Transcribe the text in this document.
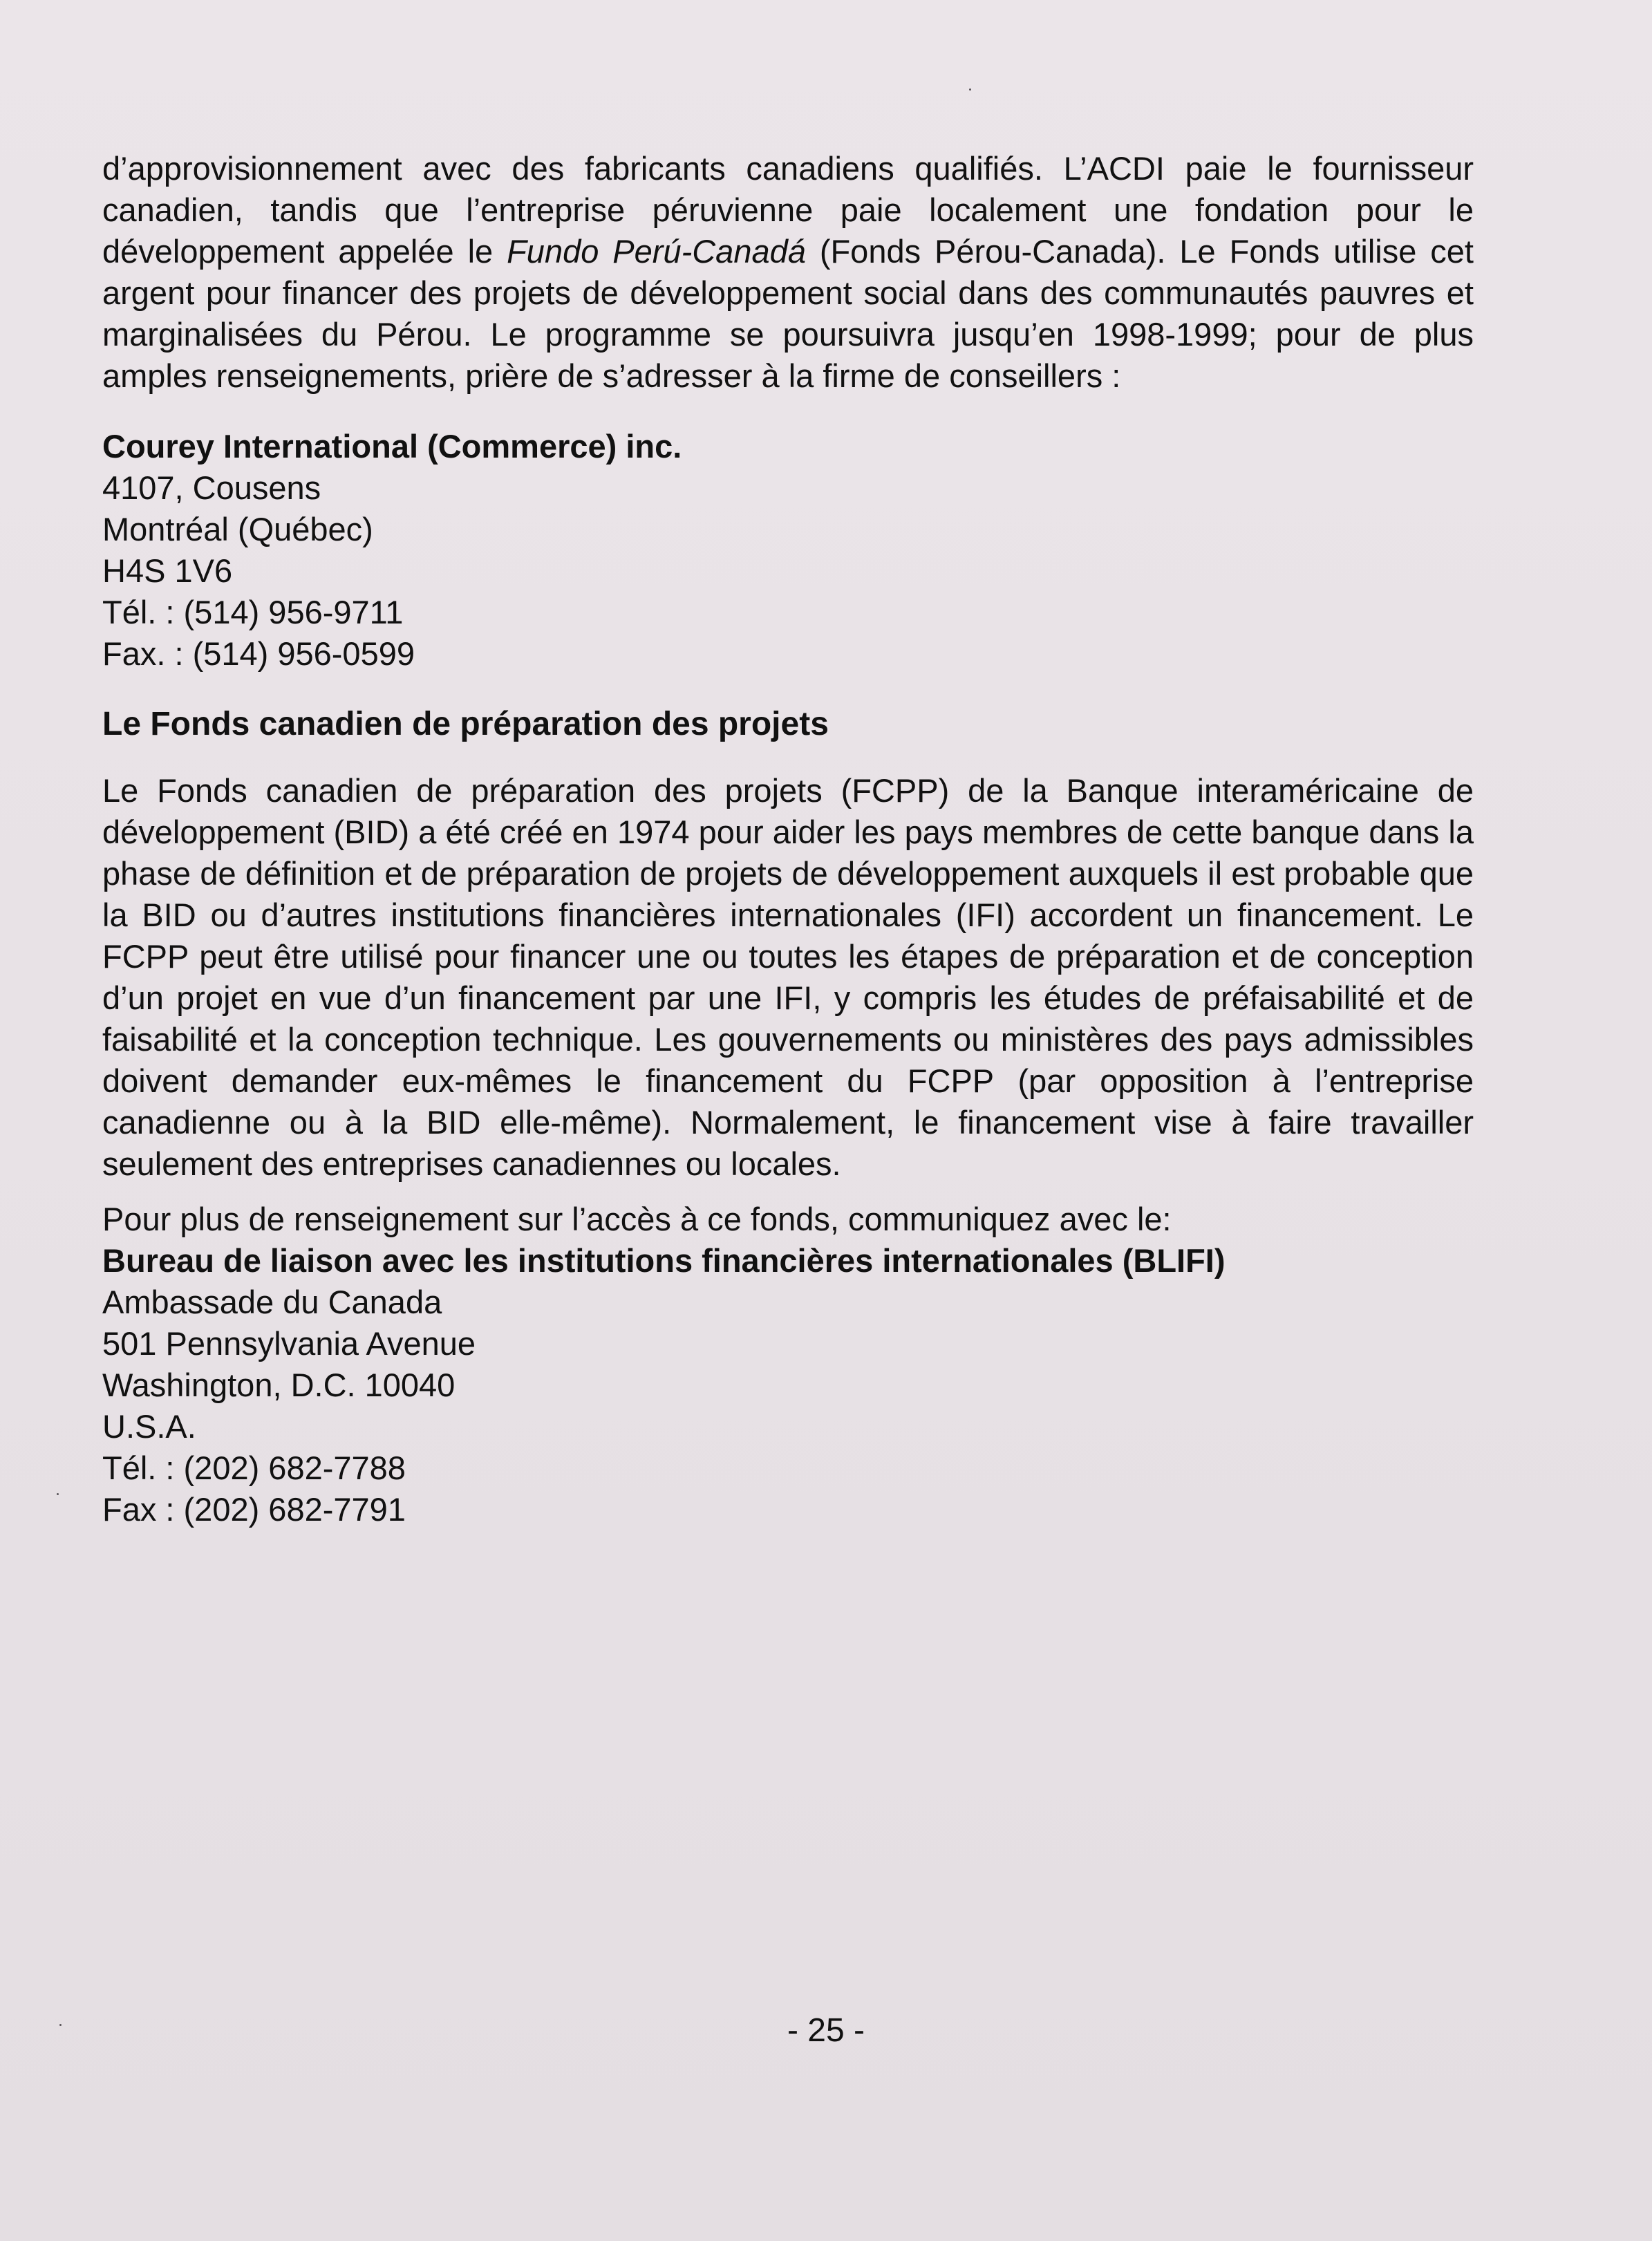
d’approvisionnement avec des fabricants canadiens qualifiés. L’ACDI paie le fournisseur canadien, tandis que l’entreprise péruvienne paie localement une fondation pour le développement appelée le Fundo Perú-Canadá (Fonds Pérou-Canada). Le Fonds utilise cet argent pour financer des projets de développement social dans des communautés pauvres et marginalisées du Pérou. Le programme se poursuivra jusqu’en 1998-1999; pour de plus amples renseignements, prière de s’adresser à la firme de conseillers :

Courey International (Commerce) inc.
4107, Cousens
Montréal (Québec)
H4S 1V6
Tél. : (514) 956-9711
Fax. : (514) 956-0599

Le Fonds canadien de préparation des projets

Le Fonds canadien de préparation des projets (FCPP) de la Banque interaméricaine de développement (BID) a été créé en 1974 pour aider les pays membres de cette banque dans la phase de définition et de préparation de projets de développement auxquels il est probable que la BID ou d’autres institutions financières internationales (IFI) accordent un financement. Le FCPP peut être utilisé pour financer une ou toutes les étapes de préparation et de conception d’un projet en vue d’un financement par une IFI, y compris les études de préfaisabilité et de faisabilité et la conception technique. Les gouvernements ou ministères des pays admissibles doivent demander eux-mêmes le financement du FCPP (par opposition à l’entreprise canadienne ou à la BID elle-même). Normalement, le financement vise à faire travailler seulement des entreprises canadiennes ou locales.

Pour plus de renseignement sur l’accès à ce fonds, communiquez avec le:

Bureau de liaison avec les institutions financières internationales (BLIFI)
Ambassade du Canada
501 Pennsylvania Avenue
Washington, D.C. 10040
U.S.A.
Tél. : (202) 682-7788
Fax : (202) 682-7791
- 25 -
